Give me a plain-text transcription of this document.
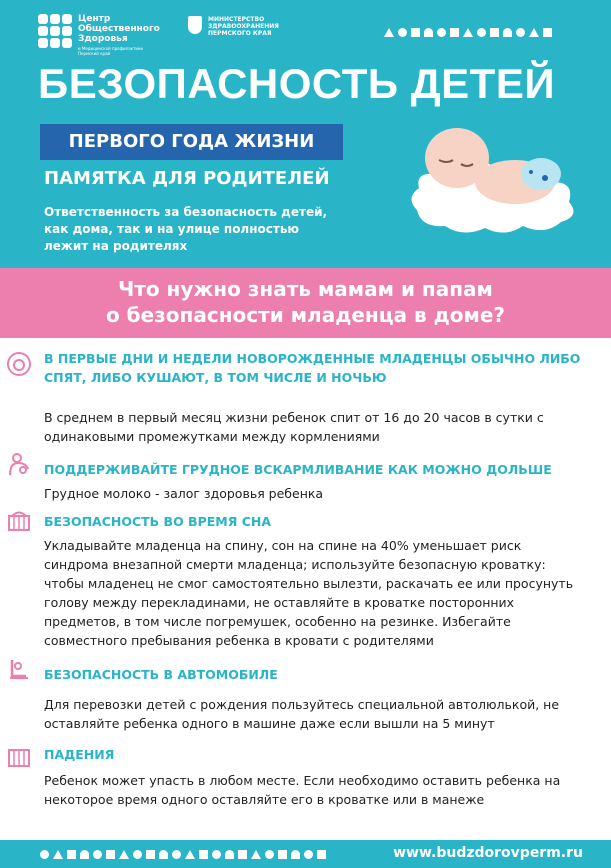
Центр Общественного Здоровья
и Медицинской профилактики Пермский край
МИНИСТЕРСТВО ЗДРАВООХРАНЕНИЯ ПЕРМСКОГО КРАЯ
БЕЗОПАСНОСТЬ ДЕТЕЙ
ПЕРВОГО ГОДА ЖИЗНИ
ПАМЯТКА ДЛЯ РОДИТЕЛЕЙ
Ответственность за безопасность детей, как дома, так и на улице полностью лежит на родителях
Что нужно знать мамам и папам
о безопасности младенца в доме?
В ПЕРВЫЕ ДНИ И НЕДЕЛИ НОВОРОЖДЕННЫЕ МЛАДЕНЦЫ ОБЫЧНО ЛИБО СПЯТ, ЛИБО КУШАЮТ, В ТОМ ЧИСЛЕ И НОЧЬЮ
В среднем в первый месяц жизни ребенок спит от 16 до 20 часов в сутки с одинаковыми промежутками между кормлениями
ПОДДЕРЖИВАЙТЕ ГРУДНОЕ ВСКАРМЛИВАНИЕ КАК МОЖНО ДОЛЬШЕ
Грудное молоко - залог здоровья ребенка
БЕЗОПАСНОСТЬ ВО ВРЕМЯ СНА
Укладывайте младенца на спину, сон на спине на 40% уменьшает риск синдрома внезапной смерти младенца; используйте безопасную кроватку: чтобы младенец не смог самостоятельно вылезти, раскачать ее или просунуть голову между перекладинами, не оставляйте в кроватке посторонних предметов, в том числе погремушек, особенно на резинке. Избегайте совместного пребывания ребенка в кровати с родителями
БЕЗОПАСНОСТЬ В АВТОМОБИЛЕ
Для перевозки детей с рождения пользуйтесь специальной автолюлькой, не оставляйте ребенка одного в машине даже если вышли на 5 минут
ПАДЕНИЯ
Ребенок может упасть в любом месте. Если необходимо оставить ребенка на некоторое время одного оставляйте его в кроватке или в манеже
www.budzdorovperm.ru
